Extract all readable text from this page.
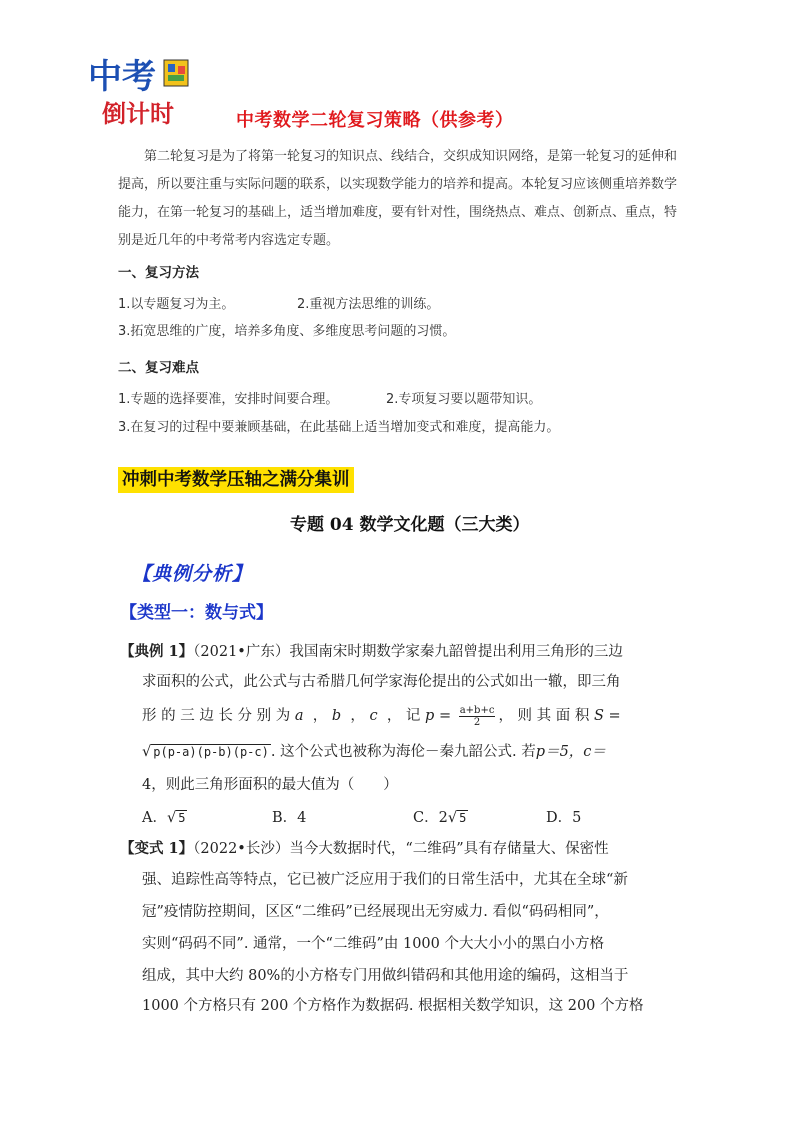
中考
倒计时	中考数学二轮复习策略（供参考）
第二轮复习是为了将第一轮复习的知识点、线结合，交织成知识网络，是第一轮复习的延伸和提高，所以要注重与实际问题的联系，以实现数学能力的培养和提高。本轮复习应该侧重培养数学能力，在第一轮复习的基础上，适当增加难度，要有针对性，围绕热点、难点、创新点、重点，特别是近几年的中考常考内容选定专题。
一、复习方法
1.以专题复习为主。	2.重视方法思维的训练。
3.拓宽思维的广度，培养多角度、多维度思考问题的习惯。
二、复习难点
1.专题的选择要准，安排时间要合理。	2.专项复习要以题带知识。
3.在复习的过程中要兼顾基础，在此基础上适当增加变式和难度，提高能力。
冲刺中考数学压轴之满分集训
专题 04 数学文化题（三大类）
【典例分析】
【类型一：数与式】
【典例 1】（2021•广东）我国南宋时期数学家秦九韶曾提出利用三角形的三边
求面积的公式，此公式与古希腊几何学家海伦提出的公式如出一辙，即三角
形 的 三 边 长 分 别 为 a  ， b  ， c ， 记 $p = \frac{a+b+c}{2}$ ， 则 其 面 积 S =
√ p(p-a)(p-b)(p-c) . 这个公式也被称为海伦－秦九韶公式. 若p＝5，c＝
4，则此三角形面积的最大值为（　　）
A．√ 5	B．4	C．2√ 5	D．5
【变式 1】（2022•长沙）当今大数据时代，“二维码”具有存储量大、保密性
强、追踪性高等特点，它已被广泛应用于我们的日常生活中，尤其在全球“新
冠”疫情防控期间，区区“二维码”已经展现出无穷威力. 看似“码码相同”，
实则“码码不同”. 通常，一个“二维码”由 1000 个大大小小的黑白小方格
组成，其中大约 80%的小方格专门用做纠错码和其他用途的编码，这相当于
1000 个方格只有 200 个方格作为数据码. 根据相关数学知识，这 200 个方格
